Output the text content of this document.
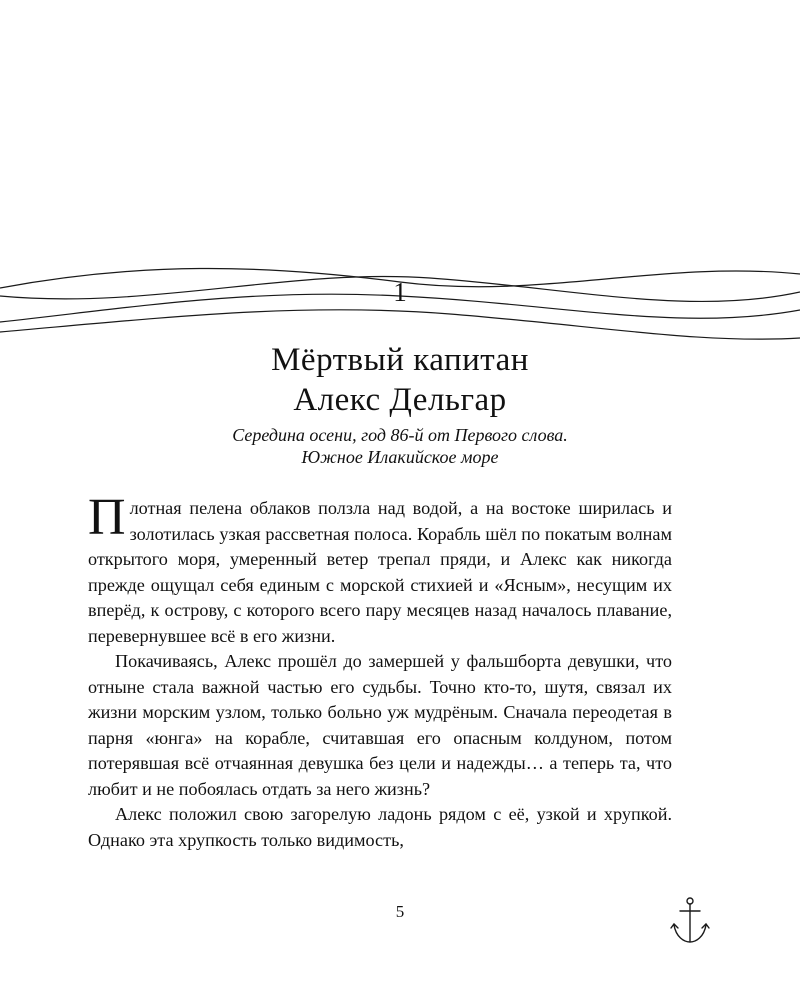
1
Мёртвый капитан
Алекс Дельгар
Середина осени, год 86-й от Первого слова.
Южное Илакийское море

Плотная пелена облаков ползла над водой, а на востоке ширилась и золотилась узкая рассветная полоса. Корабль шёл по покатым волнам открытого моря, умеренный ветер трепал пряди, и Алекс как никогда прежде ощущал себя единым с морской стихией и «Ясным», несущим их вперёд, к острову, с которого всего пару месяцев назад началось плавание, перевернувшее всё в его жизни.

Покачиваясь, Алекс прошёл до замершей у фальшборта девушки, что отныне стала важной частью его судьбы. Точно кто-то, шутя, связал их жизни морским узлом, только больно уж мудрёным. Сначала переодетая в парня «юнга» на корабле, считавшая его опасным колдуном, потом потерявшая всё отчаянная девушка без цели и надежды… а теперь та, что любит и не побоялась отдать за него жизнь?

Алекс положил свою загорелую ладонь рядом с её, узкой и хрупкой. Однако эта хрупкость только видимость,

5
